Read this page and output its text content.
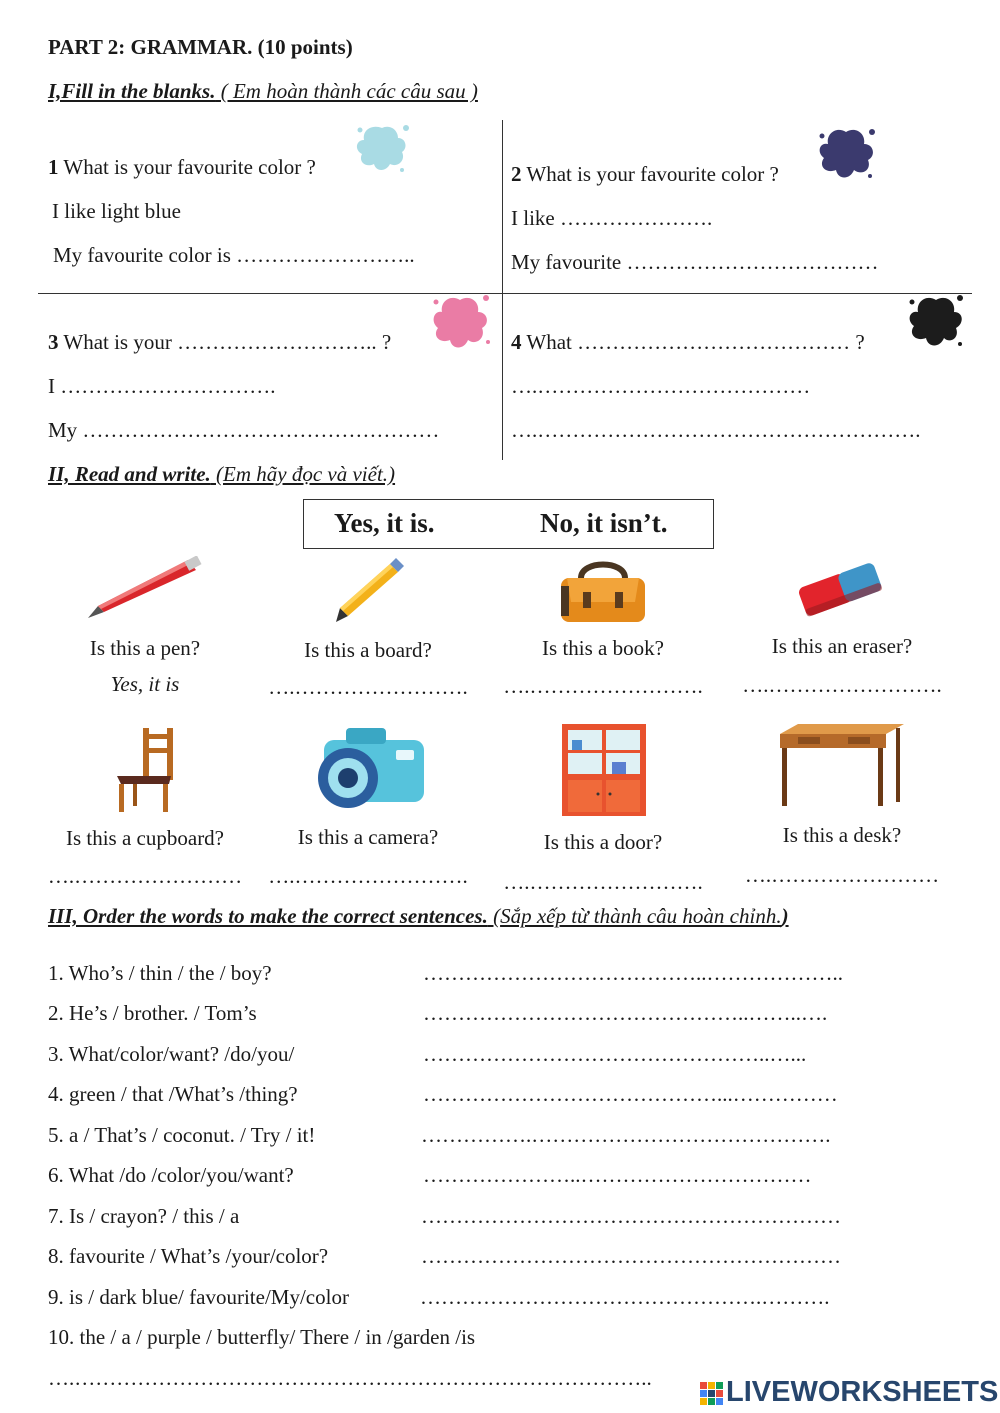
PART 2: GRAMMAR. (10 points)
I,Fill in the blanks. ( Em hoàn thành các câu sau )
1 What is your favourite color ?
I like light blue
My favourite color is ……………………..
2 What is your favourite color ?
I like ………………….
My favourite ………………………………
3 What is your ……………………….. ?
I ………………………….
My ……………………………………………
4 What ………………………………… ?
….…………………………………
….……………………………………………….
II, Read and write. (Em hãy đọc và viết.)
Yes, it is.	No, it isn’t.
Is this a pen?
Yes, it is
Is this a board?
….…………………….
Is this a book?
….…………………….
Is this an eraser?
….…………………….
Is this a cupboard?
….……………………
Is this a camera?
….…………………….
Is this a door?
….…………………….
Is this a desk?
….……………………
III, Order the words to make the correct sentences. (Sắp xếp từ thành câu hoàn chỉnh.)
1. Who’s / thin / the / boy?	…………………………………..………………..
2. He’s / brother. / Tom’s	………………………………………..……..….
3. What/color/want? /do/you/	…………………………………………..…...
4. green / that /What’s /thing?	……………………………………...……………
5. a / That’s / coconut. / Try / it!	…………….…………………………………….
6. What /do /color/you/want?	…………………..……………………………
7. Is / crayon? / this / a	……………………………………………………
8. favourite / What’s /your/color?	……………………………………………………
9. is / dark blue/ favourite/My/color	………………………………………….……….
10. the / a / purple / butterfly/ There / in /garden /is
….………………………………………………………………………..	LIVEWORKSHEETS
